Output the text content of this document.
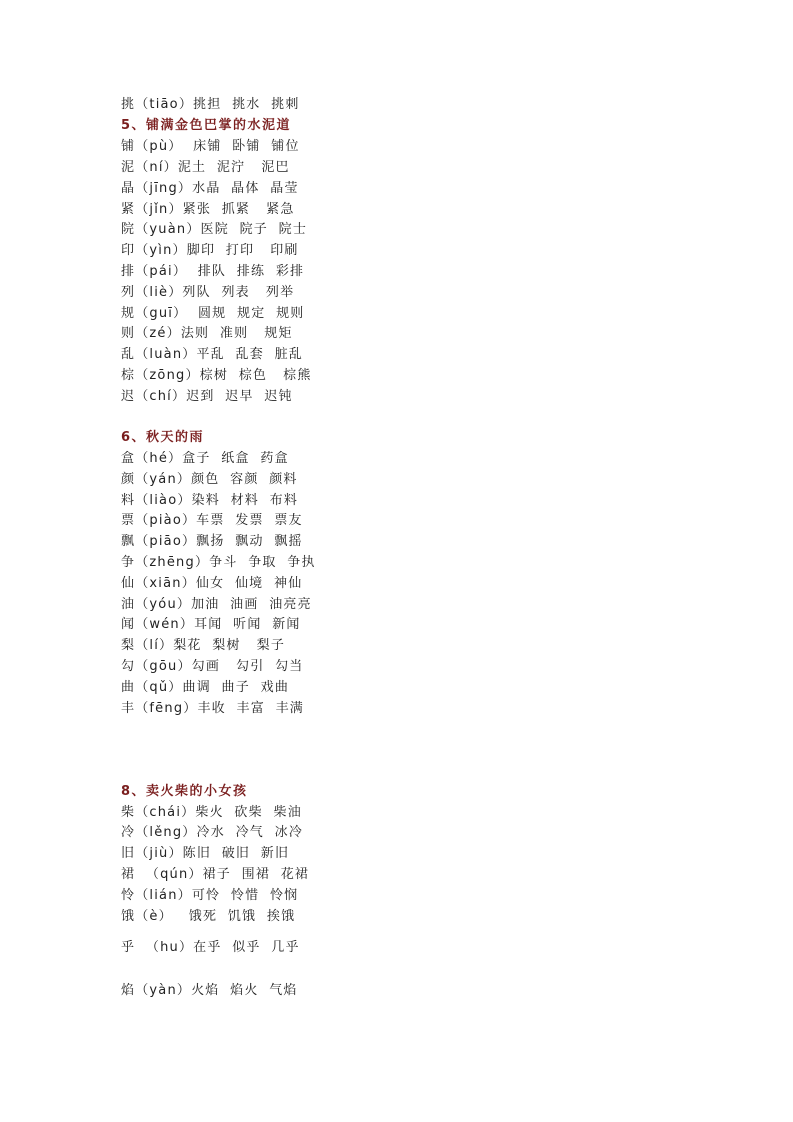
挑（tiāo）挑担  挑水  挑刺
5、铺满金色巴掌的水泥道
铺（pù）  床铺  卧铺  铺位
泥（ní）泥土  泥泞   泥巴
晶（jīng）水晶  晶体  晶莹
紧（jǐn）紧张  抓紧   紧急
院（yuàn）医院  院子  院士
印（yìn）脚印  打印   印刷
排（pái）  排队  排练  彩排
列（liè）列队  列表   列举
规（guī）  圆规  规定  规则
则（zé）法则  准则   规矩
乱（luàn）平乱  乱套  脏乱
棕（zōng）棕树  棕色   棕熊
迟（chí）迟到  迟早  迟钝
6、秋天的雨
盒（hé）盒子  纸盒  药盒
颜（yán）颜色  容颜  颜料
料（liào）染料  材料  布料
票（piào）车票  发票  票友
飘（piāo）飘扬  飘动  飘摇
争（zhēng）争斗  争取  争执
仙（xiān）仙女  仙境  神仙
油（yóu）加油  油画  油亮亮
闻（wén）耳闻  听闻  新闻
梨（lí）梨花  梨树   梨子
勾（gōu）勾画   勾引  勾当
曲（qǔ）曲调  曲子  戏曲
丰（fēng）丰收  丰富  丰满
8、卖火柴的小女孩
柴（chái）柴火  砍柴  柴油
冷（lěng）冷水  冷气  冰冷
旧（jiù）陈旧  破旧  新旧
裙  （qún）裙子  围裙  花裙
怜（lián）可怜  怜惜  怜悯
饿（è）   饿死  饥饿  挨饿
乎  （hu）在乎  似乎  几乎
焰（yàn）火焰  焰火  气焰
